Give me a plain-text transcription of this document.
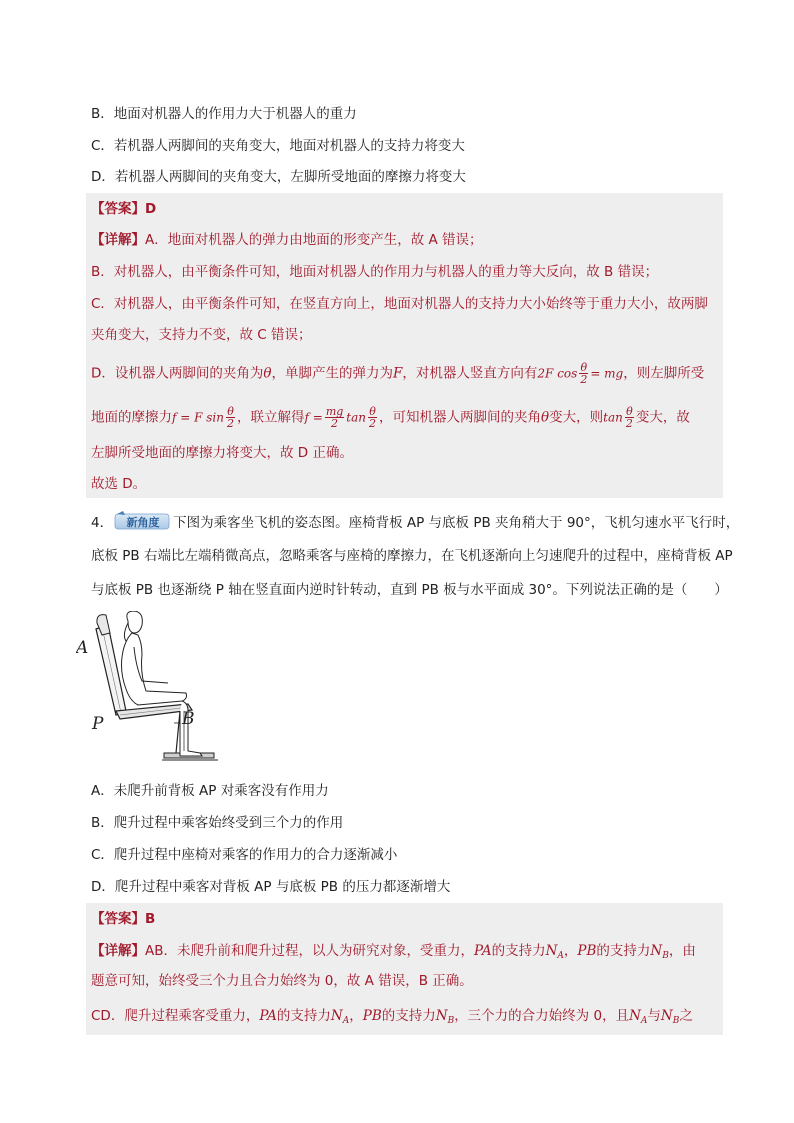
B．地面对机器人的作用力大于机器人的重力
C．若机器人两脚间的夹角变大，地面对机器人的支持力将变大
D．若机器人两脚间的夹角变大，左脚所受地面的摩擦力将变大
【答案】D
【详解】A．地面对机器人的弹力由地面的形变产生，故 A 错误；
B．对机器人，由平衡条件可知，地面对机器人的作用力与机器人的重力等大反向，故 B 错误；
C．对机器人，由平衡条件可知，在竖直方向上，地面对机器人的支持力大小始终等于重力大小，故两脚
夹角变大，支持力不变，故 C 错误；
D．设机器人两脚间的夹角为θ，单脚产生的弹力为F，对机器人竖直方向有2F $\cos \frac{\theta}{2}$ = mg，则左脚所受
地面的摩擦力f = F $\sin \frac{\theta}{2}$ ，联立解得$f = \frac{mg}{2}$ $\tan \frac{\theta}{2}$ ，可知机器人两脚间的夹角θ变大，则$\tan \frac{\theta}{2}$ 变大，故
左脚所受地面的摩擦力将变大，故 D 正确。
故选 D。
4． 新角度 下图为乘客坐飞机的姿态图。座椅背板 AP 与底板 PB 夹角稍大于 90°，飞机匀速水平飞行时，
底板 PB 右端比左端稍微高点，忽略乘客与座椅的摩擦力，在飞机逐渐向上匀速爬升的过程中，座椅背板 AP
与底板 PB 也逐渐绕 P 轴在竖直面内逆时针转动，直到 PB 板与水平面成 30°。下列说法正确的是（　　）
A
P	B
A．未爬升前背板 AP 对乘客没有作用力
B．爬升过程中乘客始终受到三个力的作用
C．爬升过程中座椅对乘客的作用力的合力逐渐减小
D．爬升过程中乘客对背板 AP 与底板 PB 的压力都逐渐增大
【答案】B
【详解】AB．未爬升前和爬升过程，以人为研究对象，受重力，PA的支持力$N_A$，PB的支持力$N_B$，由
题意可知，始终受三个力且合力始终为 0，故 A 错误，B 正确。
CD．爬升过程乘客受重力，PA的支持力$N_A$，PB的支持力$N_B$，三个力的合力始终为 0，且$N_A$与$N_B$之
